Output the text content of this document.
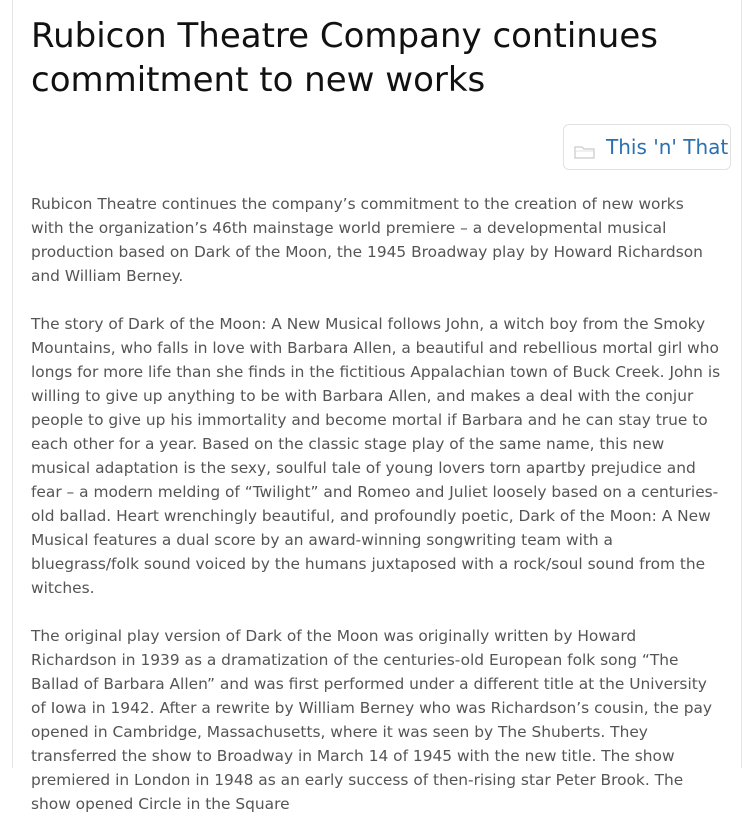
Rubicon Theatre Company continues commitment to new works
This 'n' That

Rubicon Theatre continues the company’s commitment to the creation of new works with the organization’s 46th mainstage world premiere – a developmental musical production based on Dark of the Moon, the 1945 Broadway play by Howard Richardson and William Berney.

The story of Dark of the Moon: A New Musical follows John, a witch boy from the Smoky Mountains, who falls in love with Barbara Allen, a beautiful and rebellious mortal girl who longs for more life than she finds in the fictitious Appalachian town of Buck Creek. John is willing to give up anything to be with Barbara Allen, and makes a deal with the conjur people to give up his immortality and become mortal if Barbara and he can stay true to each other for a year. Based on the classic stage play of the same name, this new musical adaptation is the sexy, soulful tale of young lovers torn apartby prejudice and fear – a modern melding of “Twilight” and Romeo and Juliet loosely based on a centuries-old ballad. Heart wrenchingly beautiful, and profoundly poetic, Dark of the Moon: A New Musical features a dual score by an award-winning songwriting team with a bluegrass/folk sound voiced by the humans juxtaposed with a rock/soul sound from the witches.

The original play version of Dark of the Moon was originally written by Howard Richardson in 1939 as a dramatization of the centuries-old European folk song “The Ballad of Barbara Allen” and was first performed under a different title at the University of Iowa in 1942. After a rewrite by William Berney who was Richardson’s cousin, the pay opened in Cambridge, Massachusetts, where it was seen by The Shuberts. They transferred the show to Broadway in March 14 of 1945 with the new title. The show premiered in London in 1948 as an early success of then-rising star Peter Brook. The show opened Circle in the Square
